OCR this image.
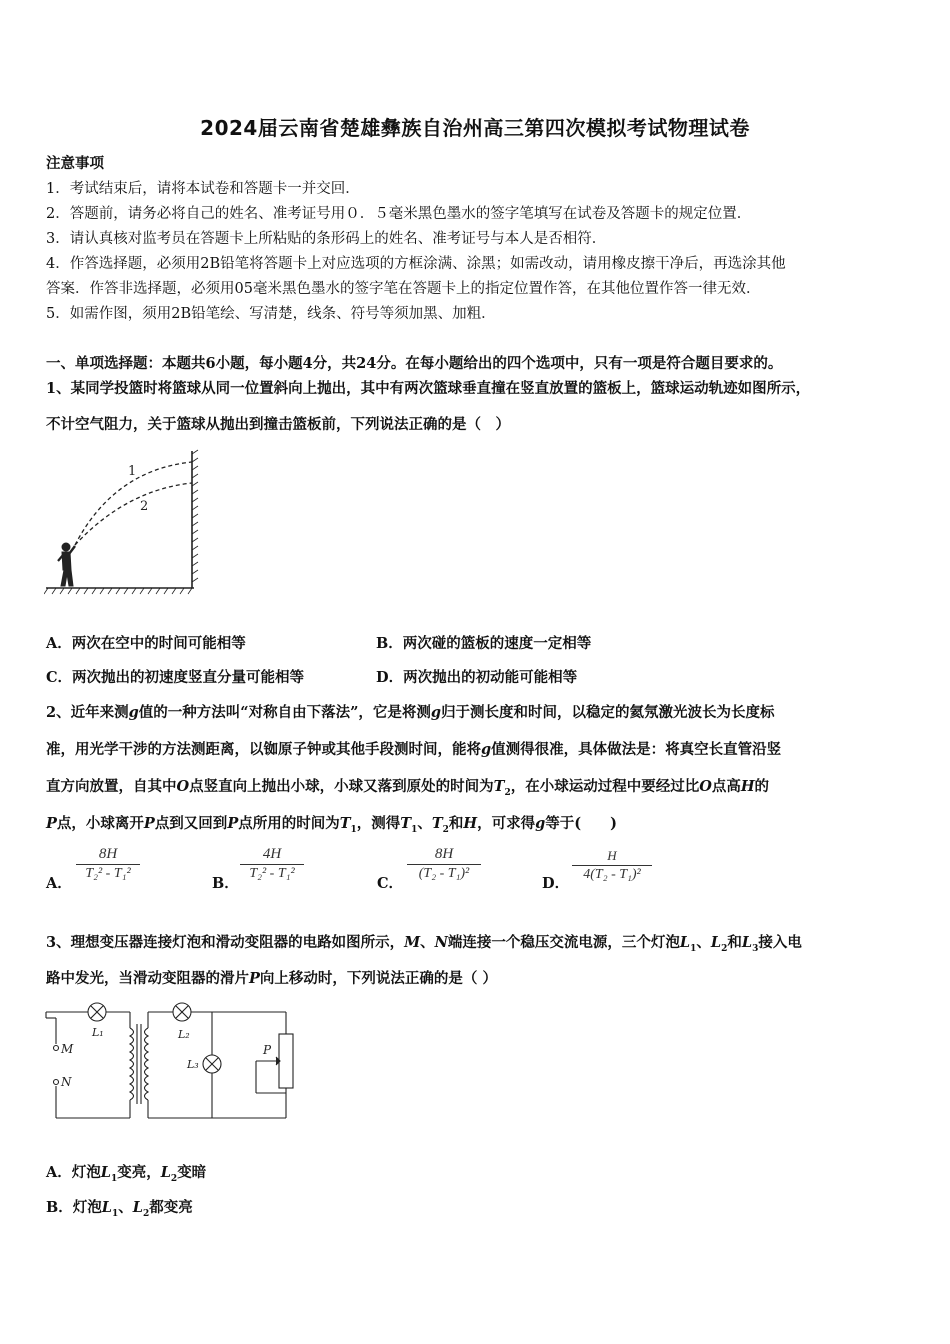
2024届云南省楚雄彝族自治州高三第四次模拟考试物理试卷
注意事项
1．考试结束后，请将本试卷和答题卡一并交回．
2．答题前，请务必将自己的姓名、准考证号用０．５毫米黑色墨水的签字笔填写在试卷及答题卡的规定位置．
3．请认真核对监考员在答题卡上所粘贴的条形码上的姓名、准考证号与本人是否相符．
4．作答选择题，必须用2B铅笔将答题卡上对应选项的方框涂满、涂黑；如需改动，请用橡皮擦干净后，再选涂其他
答案．作答非选择题，必须用05毫米黑色墨水的签字笔在答题卡上的指定位置作答，在其他位置作答一律无效．
5．如需作图，须用2B铅笔绘、写清楚，线条、符号等须加黑、加粗．
一、单项选择题：本题共6小题，每小题4分，共24分。在每小题给出的四个选项中，只有一项是符合题目要求的。
1、某同学投篮时将篮球从同一位置斜向上抛出，其中有两次篮球垂直撞在竖直放置的篮板上，篮球运动轨迹如图所示，
不计空气阻力，关于篮球从抛出到撞击篮板前，下列说法正确的是（　）
1
2
A．两次在空中的时间可能相等	B．两次碰的篮板的速度一定相等
C．两次抛出的初速度竖直分量可能相等	D．两次抛出的初动能可能相等
2、近年来测g值的一种方法叫“对称自由下落法”，它是将测g归于测长度和时间，以稳定的氦氖激光波长为长度标
准，用光学干涉的方法测距离，以铷原子钟或其他手段测时间，能将g值测得很准，具体做法是：将真空长直管沿竖
直方向放置，自其中O点竖直向上抛出小球，小球又落到原处的时间为$T_2$，在小球运动过程中要经过比O点高H的
P点，小球离开P点到又回到P点所用的时间为$T_1$，测得$T_1$、$T_2$和H，可求得g等于(　　)
A．
8H
T₂² - T₁²
B．
4H
T₂² - T₁²
C．
8H
(T₂ - T₁)²
D．
H
4(T₂ - T₁)²
3、理想变压器连接灯泡和滑动变阻器的电路如图所示，M、N端连接一个稳压交流电源，三个灯泡$L_1$、$L_2$和$L_3$接入电
路中发光，当滑动变阻器的滑片P向上移动时，下列说法正确的是（ ）
L₁	L₂
L₃
M
N
P
A．灯泡$L_1$变亮，$L_2$变暗
B．灯泡$L_1$、$L_2$都变亮
